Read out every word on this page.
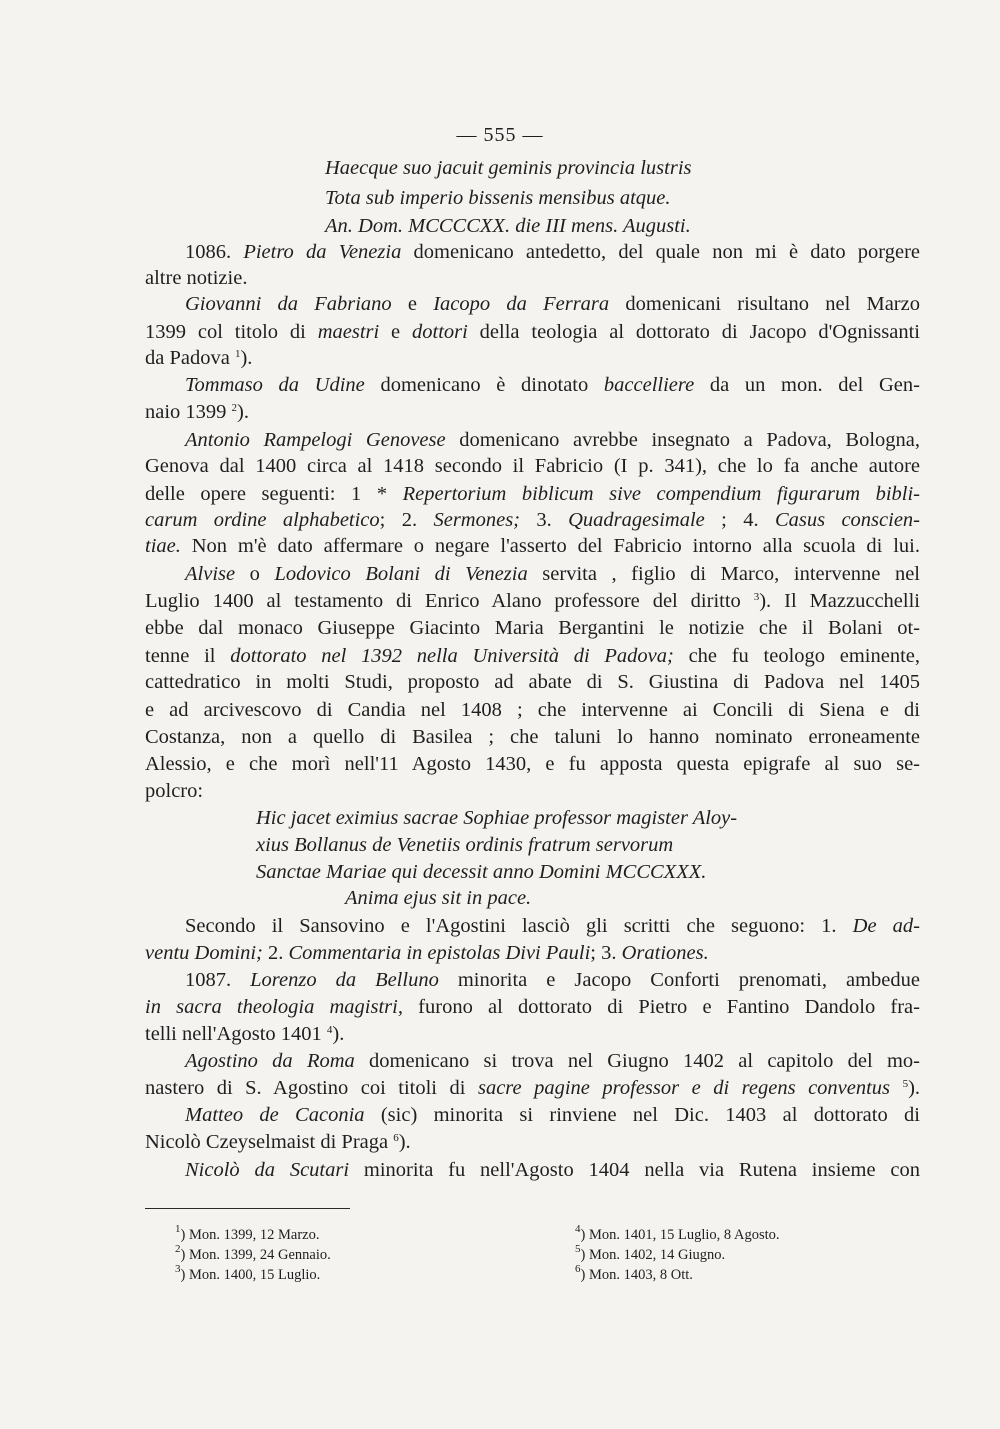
— 555 —
Haecque suo jacuit geminis provincia lustris
Tota sub imperio bissenis mensibus atque.
An. Dom. MCCCCXX. die III mens. Augusti.
1086. Pietro da Venezia domenicano antedetto, del quale non mi è dato porgere
altre notizie.
Giovanni da Fabriano e Iacopo da Ferrara domenicani risultano nel Marzo
1399 col titolo di maestri e dottori della teologia al dottorato di Jacopo d'Ognissanti
da Padova $^1$).
Tommaso da Udine domenicano è dinotato baccelliere da un mon. del Gen-
naio 1399 $^2$).
Antonio Rampelogi Genovese domenicano avrebbe insegnato a Padova, Bologna,
Genova dal 1400 circa al 1418 secondo il Fabricio (I p. 341), che lo fa anche autore
delle opere seguenti: 1 * Repertorium biblicum sive compendium figurarum bibli-
carum ordine alphabetico; 2. Sermones; 3. Quadragesimale ; 4. Casus conscien-
tiae. Non m'è dato affermare o negare l'asserto del Fabricio intorno alla scuola di lui.
Alvise o Lodovico Bolani di Venezia servita , figlio di Marco, intervenne nel
Luglio 1400 al testamento di Enrico Alano professore del diritto $^3$). Il Mazzucchelli
ebbe dal monaco Giuseppe Giacinto Maria Bergantini le notizie che il Bolani ot-
tenne il dottorato nel 1392 nella Università di Padova; che fu teologo eminente,
cattedratico in molti Studi, proposto ad abate di S. Giustina di Padova nel 1405
e ad arcivescovo di Candia nel 1408 ; che intervenne ai Concili di Siena e di
Costanza, non a quello di Basilea ; che taluni lo hanno nominato erroneamente
Alessio, e che morì nell'11 Agosto 1430, e fu apposta questa epigrafe al suo se-
polcro:
Hic jacet eximius sacrae Sophiae professor magister Aloy-
xius Bollanus de Venetiis ordinis fratrum servorum
Sanctae Mariae qui decessit anno Domini MCCCXXX.
Anima ejus sit in pace.
Secondo il Sansovino e l'Agostini lasciò gli scritti che seguono: 1. De ad-
ventu Domini; 2. Commentaria in epistolas Divi Pauli; 3. Orationes.
1087. Lorenzo da Belluno minorita e Jacopo Conforti prenomati, ambedue
in sacra theologia magistri, furono al dottorato di Pietro e Fantino Dandolo fra-
telli nell'Agosto 1401 $^4$).
Agostino da Roma domenicano si trova nel Giugno 1402 al capitolo del mo-
nastero di S. Agostino coi titoli di sacre pagine professor e di regens conventus $^5$).
Matteo de Caconia (sic) minorita si rinviene nel Dic. 1403 al dottorato di
Nicolò Czeyselmaist di Praga $^6$).
Nicolò da Scutari minorita fu nell'Agosto 1404 nella via Rutena insieme con
$^1$) Mon. 1399, 12 Marzo.
$^2$) Mon. 1399, 24 Gennaio.
$^3$) Mon. 1400, 15 Luglio.
$^4$) Mon. 1401, 15 Luglio, 8 Agosto.
$^5$) Mon. 1402, 14 Giugno.
$^6$) Mon. 1403, 8 Ott.
